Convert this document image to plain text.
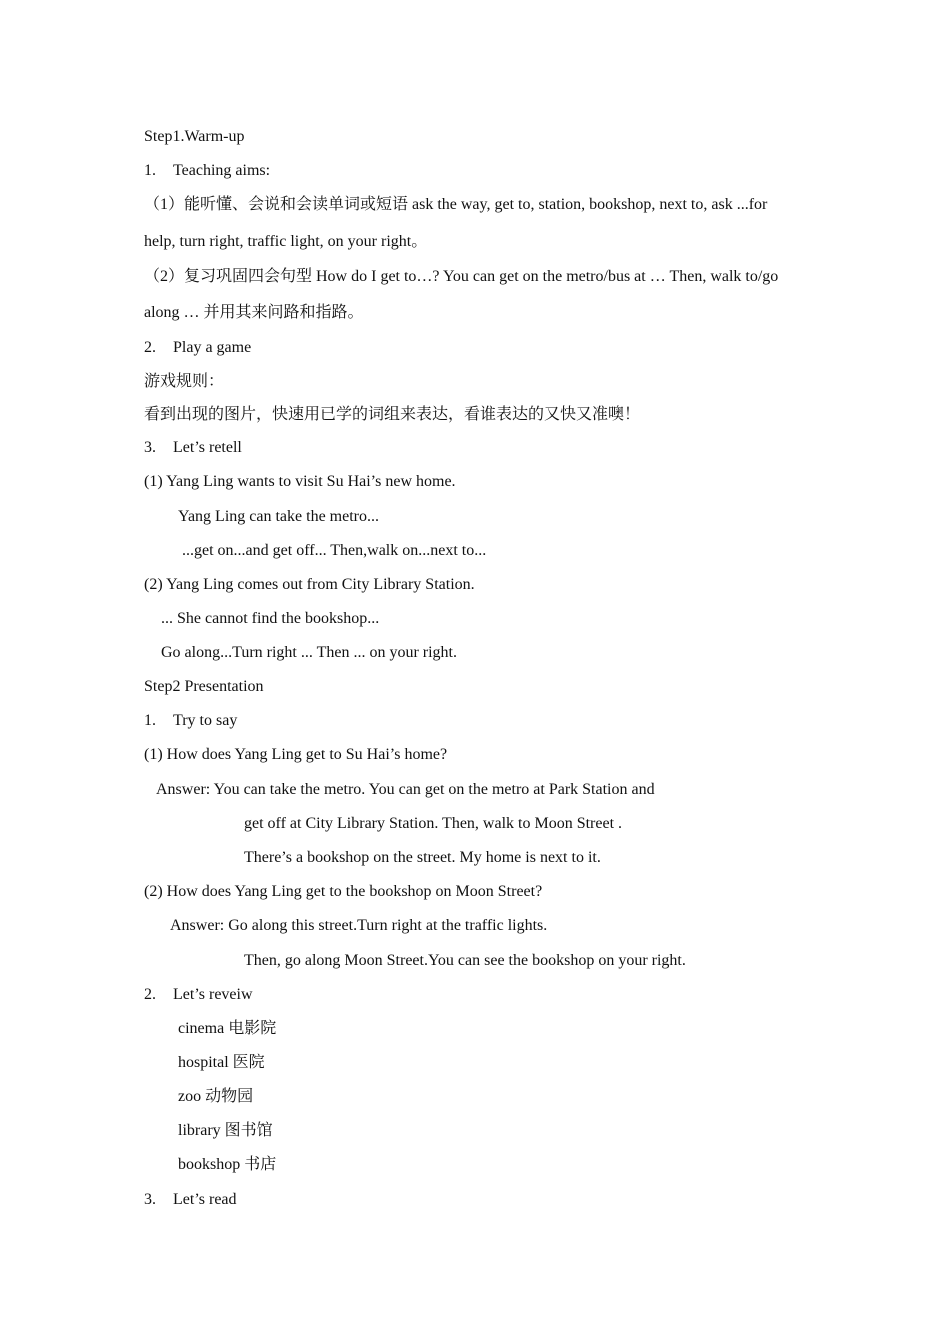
Step1.Warm-up
1. Teaching aims:
（1）能听懂、会说和会读单词或短语 ask the way, get to, station, bookshop, next to, ask ...for
help, turn right, traffic light, on your right。
（2）复习巩固四会句型 How do I get to…? You can get on the metro/bus at … Then, walk to/go
along … 并用其来问路和指路。
2. Play a game
游戏规则：
看到出现的图片，快速用已学的词组来表达，看谁表达的又快又准噢！
3. Let’s retell
(1) Yang Ling wants to visit Su Hai’s new home.
Yang Ling can take the metro...
...get on...and get off... Then,walk on...next to...
(2) Yang Ling comes out from City Library Station.
... She cannot find the bookshop...
Go along...Turn right ... Then ... on your right.
Step2 Presentation
1. Try to say
(1) How does Yang Ling get to Su Hai’s home?
Answer: You can take the metro. You can get on the metro at Park Station and
get off at City Library Station. Then, walk to Moon Street .
There’s a bookshop on the street. My home is next to it.
(2) How does Yang Ling get to the bookshop on Moon Street?
Answer: Go along this street.Turn right at the traffic lights.
Then, go along Moon Street.You can see the bookshop on your right.
2. Let’s reveiw
cinema 电影院
hospital 医院
zoo 动物园
library 图书馆
bookshop 书店
3. Let’s read
